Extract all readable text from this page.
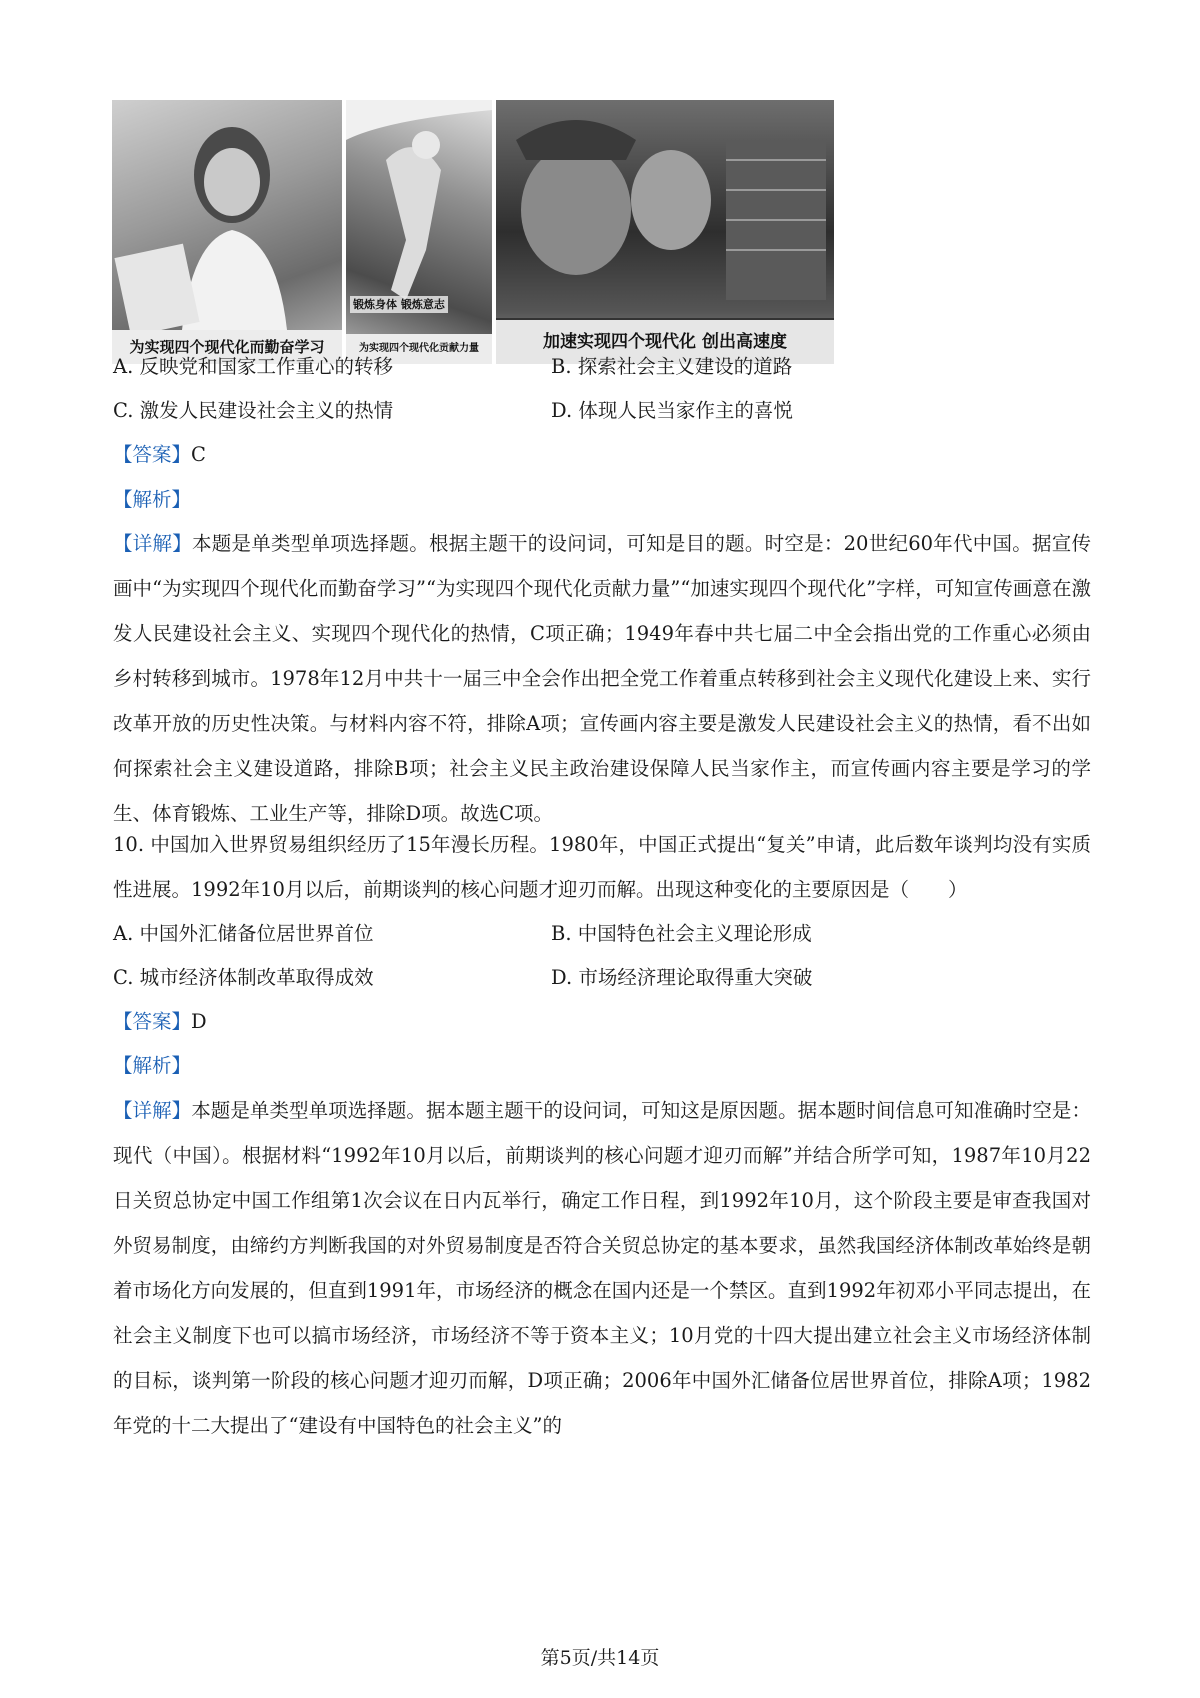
为实现四个现代化而勤奋学习
锻炼身体 锻炼意志
为实现四个现代化贡献力量	加速实现四个现代化 创出高速度
A. 反映党和国家工作重心的转移	B. 探索社会主义建设的道路
C. 激发人民建设社会主义的热情	D. 体现人民当家作主的喜悦
【答案】C
【解析】
【详解】本题是单类型单项选择题。根据主题干的设问词，可知是目的题。时空是：20世纪60年代中国。据宣传画中“为实现四个现代化而勤奋学习”“为实现四个现代化贡献力量”“加速实现四个现代化”字样，可知宣传画意在激发人民建设社会主义、实现四个现代化的热情，C项正确；1949年春中共七届二中全会指出党的工作重心必须由乡村转移到城市。1978年12月中共十一届三中全会作出把全党工作着重点转移到社会主义现代化建设上来、实行改革开放的历史性决策。与材料内容不符，排除A项；宣传画内容主要是激发人民建设社会主义的热情，看不出如何探索社会主义建设道路，排除B项；社会主义民主政治建设保障人民当家作主，而宣传画内容主要是学习的学生、体育锻炼、工业生产等，排除D项。故选C项。
10. 中国加入世界贸易组织经历了15年漫长历程。1980年，中国正式提出“复关”申请，此后数年谈判均没有实质性进展。1992年10月以后，前期谈判的核心问题才迎刃而解。出现这种变化的主要原因是（　　）
A. 中国外汇储备位居世界首位	B. 中国特色社会主义理论形成
C. 城市经济体制改革取得成效	D. 市场经济理论取得重大突破
【答案】D
【解析】
【详解】本题是单类型单项选择题。据本题主题干的设问词，可知这是原因题。据本题时间信息可知准确时空是：现代（中国）。根据材料“1992年10月以后，前期谈判的核心问题才迎刃而解”并结合所学可知，1987年10月22日关贸总协定中国工作组第1次会议在日内瓦举行，确定工作日程，到1992年10月，这个阶段主要是审查我国对外贸易制度，由缔约方判断我国的对外贸易制度是否符合关贸总协定的基本要求，虽然我国经济体制改革始终是朝着市场化方向发展的，但直到1991年，市场经济的概念在国内还是一个禁区。直到1992年初邓小平同志提出，在社会主义制度下也可以搞市场经济，市场经济不等于资本主义；10月党的十四大提出建立社会主义市场经济体制的目标，谈判第一阶段的核心问题才迎刃而解，D项正确；2006年中国外汇储备位居世界首位，排除A项；1982年党的十二大提出了“建设有中国特色的社会主义”的
第5页/共14页
